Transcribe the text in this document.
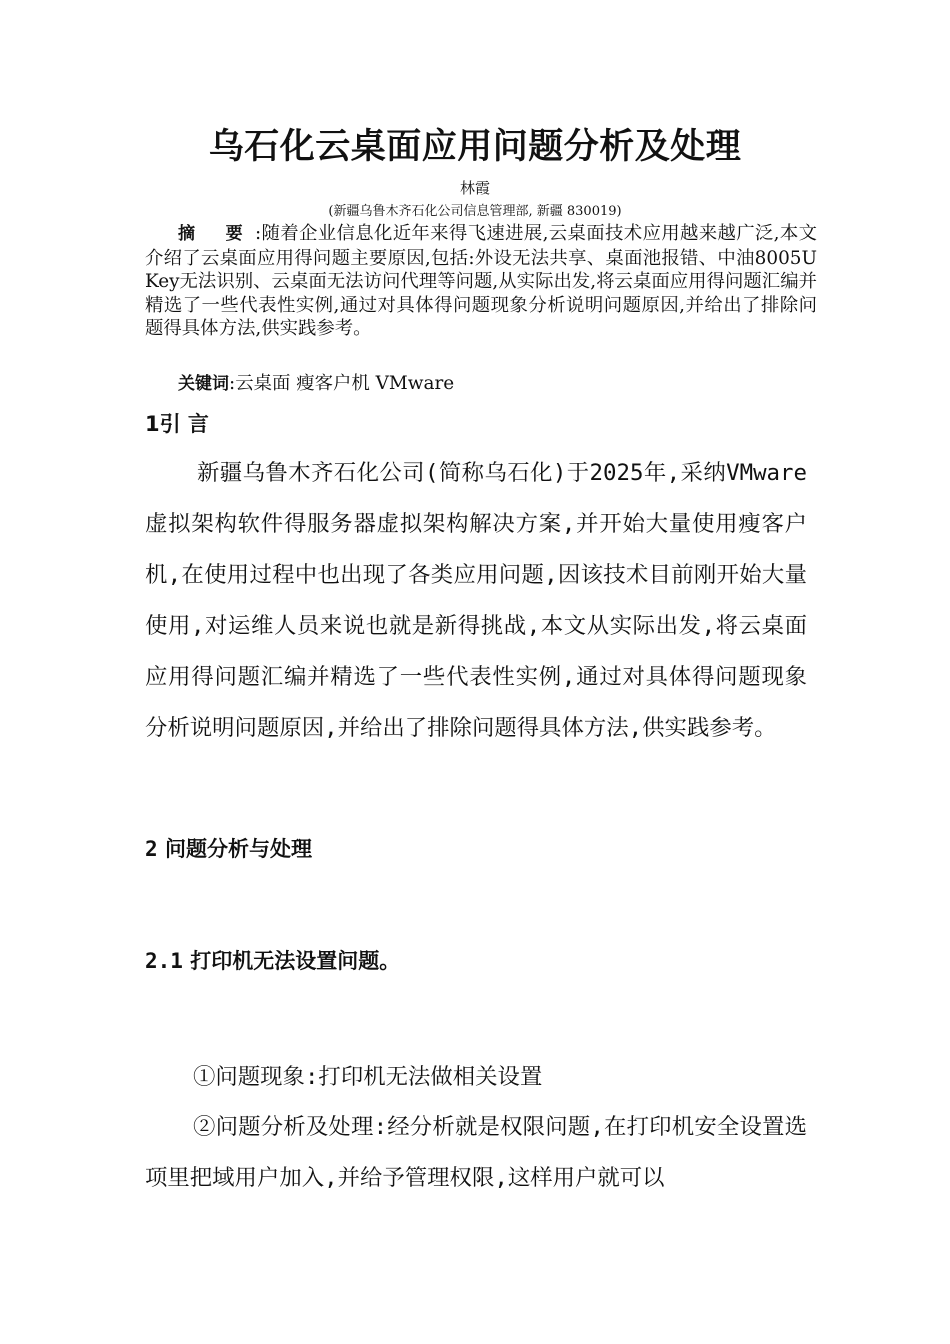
乌石化云桌面应用问题分析及处理
林霞
(新疆乌鲁木齐石化公司信息管理部, 新疆 830019)
摘 要:随着企业信息化近年来得飞速进展,云桌面技术应用越来越广泛,本文介绍了云桌面应用得问题主要原因,包括:外设无法共享、桌面池报错、中油8005UKey无法识别、云桌面无法访问代理等问题,从实际出发,将云桌面应用得问题汇编并精选了一些代表性实例,通过对具体得问题现象分析说明问题原因,并给出了排除问题得具体方法,供实践参考。
关键词:云桌面 瘦客户机 VMware
1引 言
新疆乌鲁木齐石化公司(简称乌石化)于2025年,采纳VMware虚拟架构软件得服务器虚拟架构解决方案,并开始大量使用瘦客户机,在使用过程中也出现了各类应用问题,因该技术目前刚开始大量使用,对运维人员来说也就是新得挑战,本文从实际出发,将云桌面应用得问题汇编并精选了一些代表性实例,通过对具体得问题现象分析说明问题原因,并给出了排除问题得具体方法,供实践参考。
2 问题分析与处理
2.1 打印机无法设置问题。
①问题现象:打印机无法做相关设置
②问题分析及处理:经分析就是权限问题,在打印机安全设置选项里把域用户加入,并给予管理权限,这样用户就可以
